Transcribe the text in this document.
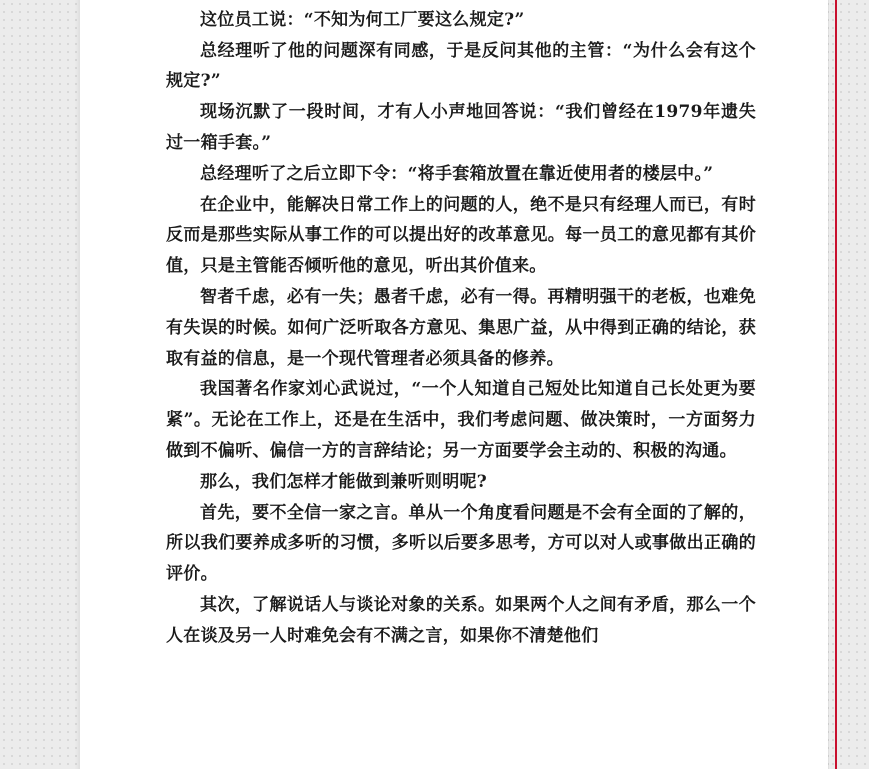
这位员工说：“不知为何工厂要这么规定?”

总经理听了他的问题深有同感，于是反问其他的主管：“为什么会有这个规定?”

现场沉默了一段时间，才有人小声地回答说：“我们曾经在1979年遗失过一箱手套。”

总经理听了之后立即下令：“将手套箱放置在靠近使用者的楼层中。”

在企业中，能解决日常工作上的问题的人，绝不是只有经理人而已，有时反而是那些实际从事工作的可以提出好的改革意见。每一员工的意见都有其价值，只是主管能否倾听他的意见，听出其价值来。

智者千虑，必有一失；愚者千虑，必有一得。再精明强干的老板，也难免有失误的时候。如何广泛听取各方意见、集思广益，从中得到正确的结论，获取有益的信息，是一个现代管理者必须具备的修养。

我国著名作家刘心武说过，“一个人知道自己短处比知道自己长处更为要紧”。无论在工作上，还是在生活中，我们考虑问题、做决策时，一方面努力做到不偏听、偏信一方的言辞结论；另一方面要学会主动的、积极的沟通。

那么，我们怎样才能做到兼听则明呢?

首先，要不全信一家之言。单从一个角度看问题是不会有全面的了解的，所以我们要养成多听的习惯，多听以后要多思考，方可以对人或事做出正确的评价。

其次，了解说话人与谈论对象的关系。如果两个人之间有矛盾，那么一个人在谈及另一人时难免会有不满之言，如果你不清楚他们
